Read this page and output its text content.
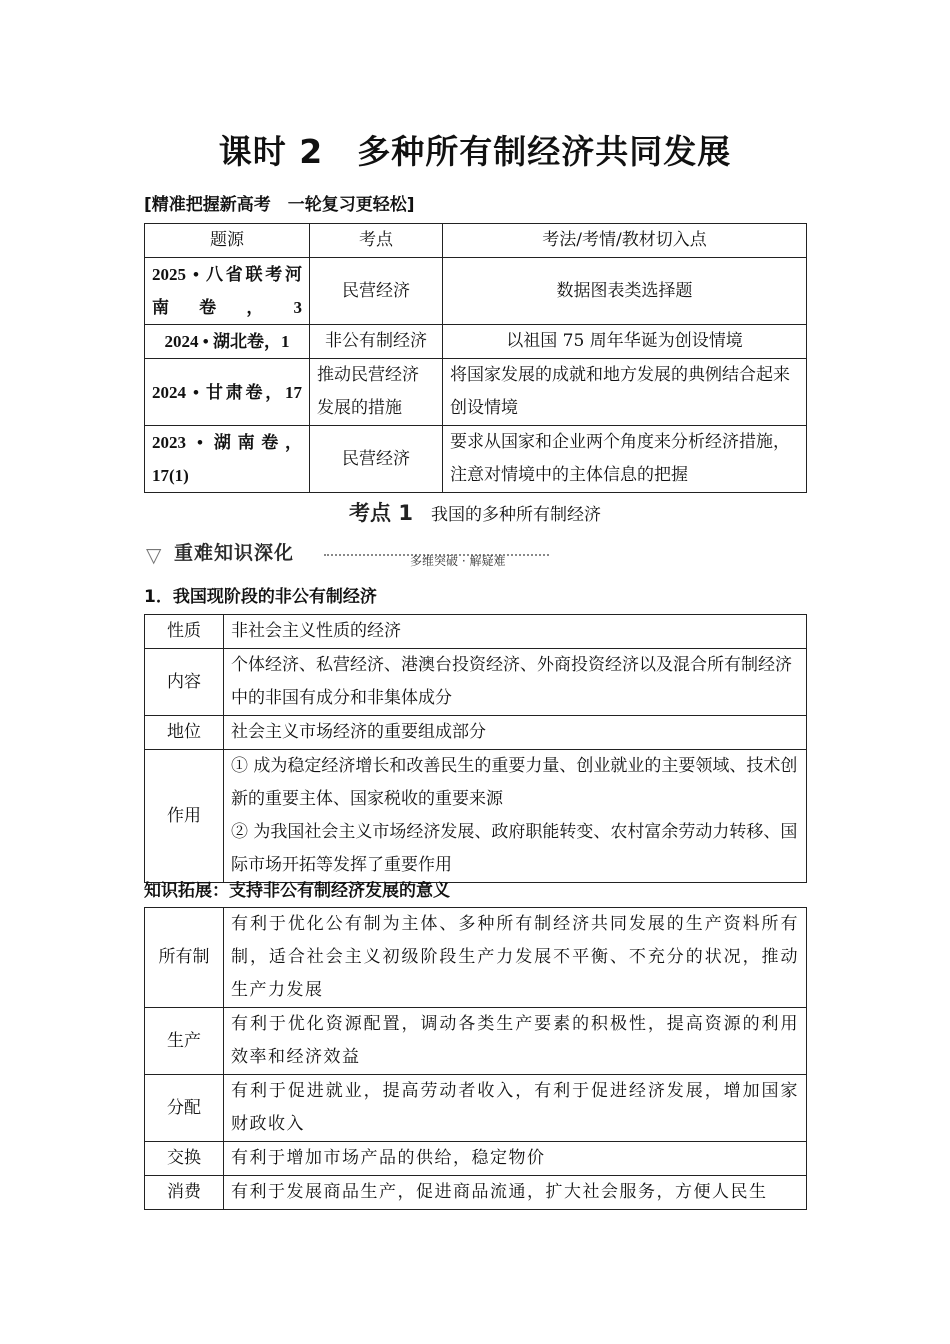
课时 2　多种所有制经济共同发展
[精准把握新高考　一轮复习更轻松]
题源	考点	考法/考情/教材切入点
2025 • 八省联考河南卷，3	民营经济	数据图表类选择题
2024 • 湖北卷，1	非公有制经济	以祖国 75 周年华诞为创设情境
2024 • 甘肃卷，17	推动民营经济发展的措施	将国家发展的成就和地方发展的典例结合起来创设情境
2023 • 湖南卷，17(1)	民营经济	要求从国家和企业两个角度来分析经济措施，注意对情境中的主体信息的把握
考点 1 我国的多种所有制经济
▽ 重难知识深化	多维突破 · 解疑难
1．我国现阶段的非公有制经济
性质	非社会主义性质的经济
内容	个体经济、私营经济、港澳台投资经济、外商投资经济以及混合所有制经济中的非国有成分和非集体成分
地位	社会主义市场经济的重要组成部分
作用	① 成为稳定经济增长和改善民生的重要力量、创业就业的主要领域、技术创新的重要主体、国家税收的重要来源
② 为我国社会主义市场经济发展、政府职能转变、农村富余劳动力转移、国际市场开拓等发挥了重要作用
知识拓展：支持非公有制经济发展的意义
所有制	有利于优化公有制为主体、多种所有制经济共同发展的生产资料所有制，适合社会主义初级阶段生产力发展不平衡、不充分的状况，推动生产力发展
生产	有利于优化资源配置，调动各类生产要素的积极性，提高资源的利用效率和经济效益
分配	有利于促进就业，提高劳动者收入，有利于促进经济发展，增加国家财政收入
交换	有利于增加市场产品的供给，稳定物价
消费	有利于发展商品生产，促进商品流通，扩大社会服务，方便人民生
